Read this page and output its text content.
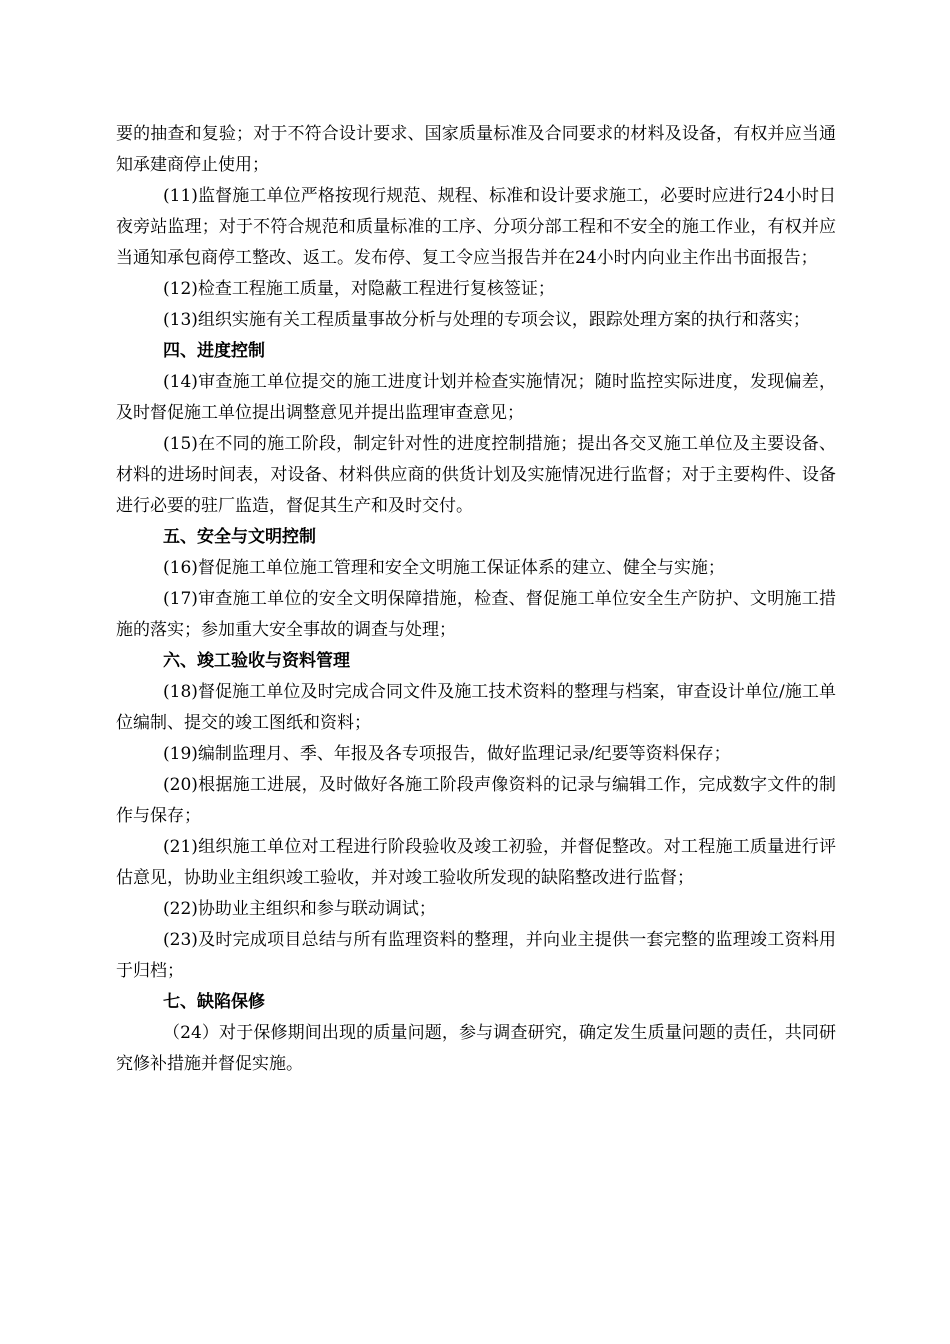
要的抽查和复验；对于不符合设计要求、国家质量标准及合同要求的材料及设备，有权并应当通知承建商停止使用；

(11)监督施工单位严格按现行规范、规程、标准和设计要求施工，必要时应进行24小时日夜旁站监理；对于不符合规范和质量标准的工序、分项分部工程和不安全的施工作业，有权并应当通知承包商停工整改、返工。发布停、复工令应当报告并在24小时内向业主作出书面报告；

(12)检查工程施工质量，对隐蔽工程进行复核签证；

(13)组织实施有关工程质量事故分析与处理的专项会议，跟踪处理方案的执行和落实；

四、进度控制

(14)审查施工单位提交的施工进度计划并检查实施情况；随时监控实际进度，发现偏差，及时督促施工单位提出调整意见并提出监理审查意见；

(15)在不同的施工阶段，制定针对性的进度控制措施；提出各交叉施工单位及主要设备、材料的进场时间表，对设备、材料供应商的供货计划及实施情况进行监督；对于主要构件、设备进行必要的驻厂监造，督促其生产和及时交付。

五、安全与文明控制

(16)督促施工单位施工管理和安全文明施工保证体系的建立、健全与实施；

(17)审查施工单位的安全文明保障措施，检查、督促施工单位安全生产防护、文明施工措施的落实；参加重大安全事故的调查与处理；

六、竣工验收与资料管理

(18)督促施工单位及时完成合同文件及施工技术资料的整理与档案，审查设计单位/施工单位编制、提交的竣工图纸和资料；

(19)编制监理月、季、年报及各专项报告，做好监理记录/纪要等资料保存；

(20)根据施工进展，及时做好各施工阶段声像资料的记录与编辑工作，完成数字文件的制作与保存；

(21)组织施工单位对工程进行阶段验收及竣工初验，并督促整改。对工程施工质量进行评估意见，协助业主组织竣工验收，并对竣工验收所发现的缺陷整改进行监督；

(22)协助业主组织和参与联动调试；

(23)及时完成项目总结与所有监理资料的整理，并向业主提供一套完整的监理竣工资料用于归档；

七、缺陷保修

（24）对于保修期间出现的质量问题，参与调查研究，确定发生质量问题的责任，共同研究修补措施并督促实施。
